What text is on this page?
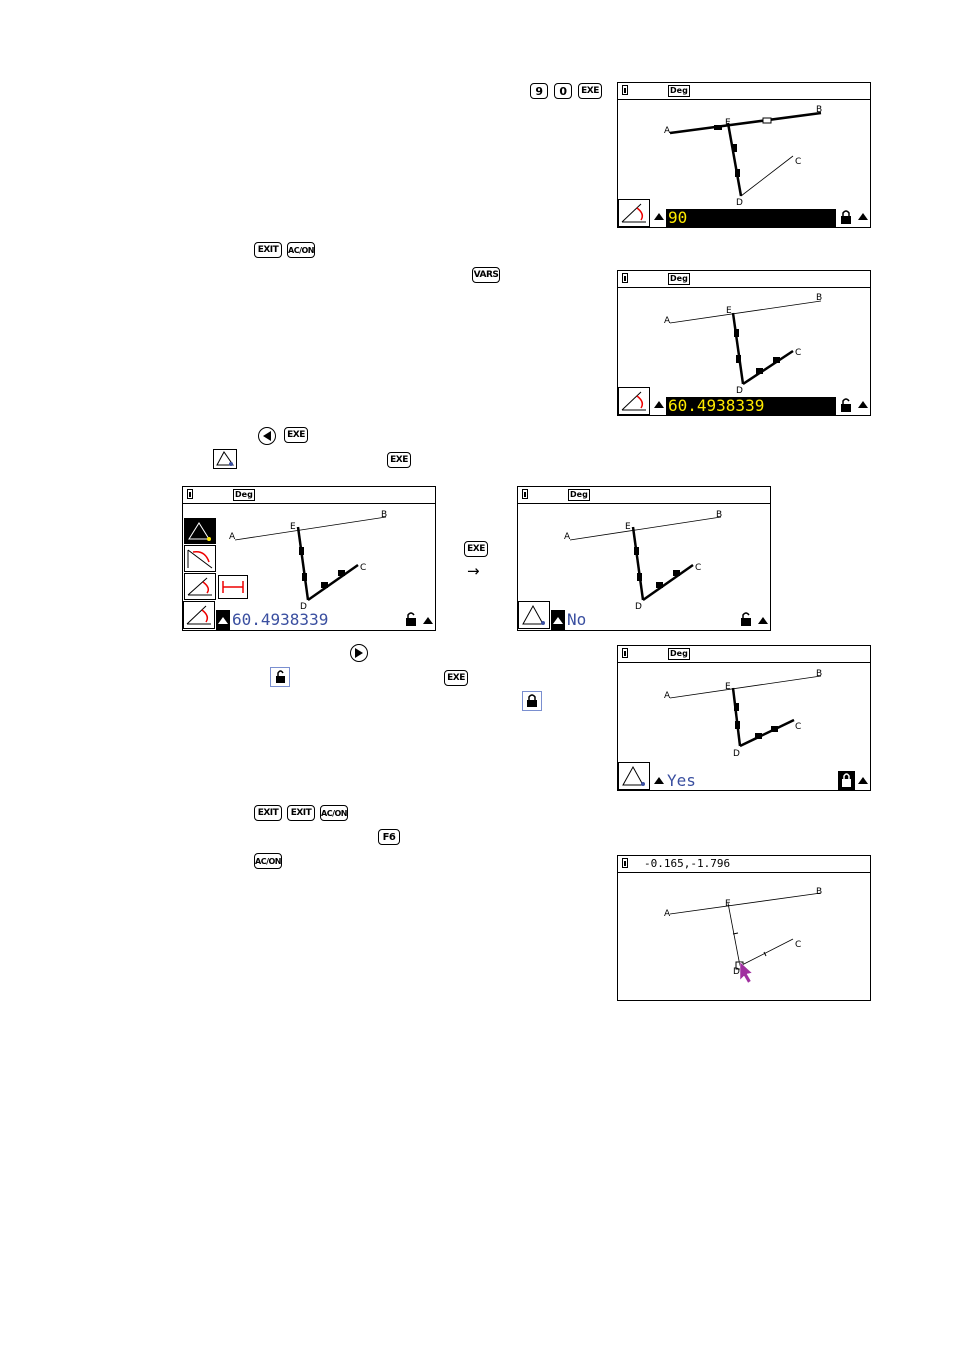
9	0	EXE	Deg
A
B
C
D
E
90
EXIT	AC/ON
VARS	Deg
A
B
C
D
E
60.4938339
EXE
EXE
Deg
A
B
C
D
E
60.4938339
EXE
→
Deg
A
B
C
D
E
No
EXE
Deg
A
B
C
D
E
Yes
EXIT	EXIT	AC/ON
F6
AC/ON	-0.165,-1.796
A
B
C
D
E
